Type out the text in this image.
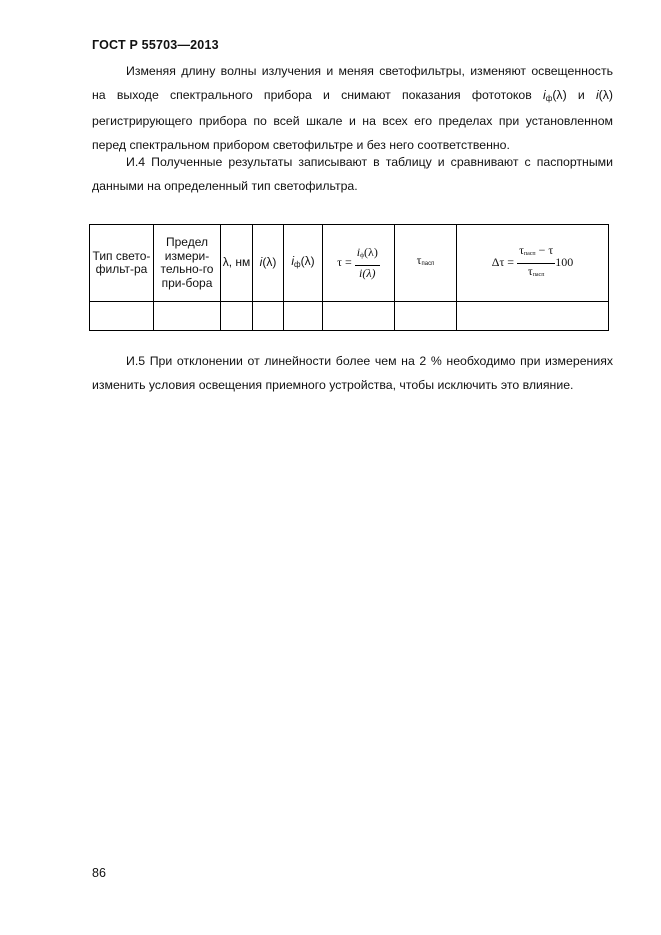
ГОСТ Р 55703—2013
Изменяя длину волны излучения и меняя светофильтры, изменяют освещенность на выходе спектрального прибора и снимают показания фототоков $i_ф(\lambda)$ и i(λ) регистрирующего прибора по всей шкале и на всех его пределах при установленном перед спектральном прибором светофильтре и без него соответственно.
И.4 Полученные результаты записывают в таблицу и сравнивают с паспортными данными на определенный тип светофильтра.
Тип свето-фильт-ра	Предел измери-тельно-го при-бора	λ, нм	i(λ)	$i_ф(\lambda)$	$\tau = \frac{i_ф(\lambda)}{i(\lambda)}$	$\tau_{пасп}$	$\Delta\tau = \frac{\tau_{пасп} - \tau}{\tau_{пасп}} 100$

И.5 При отклонении от линейности более чем на 2 % необходимо при измерениях изменить условия освещения приемного устройства, чтобы исключить это влияние.
86
